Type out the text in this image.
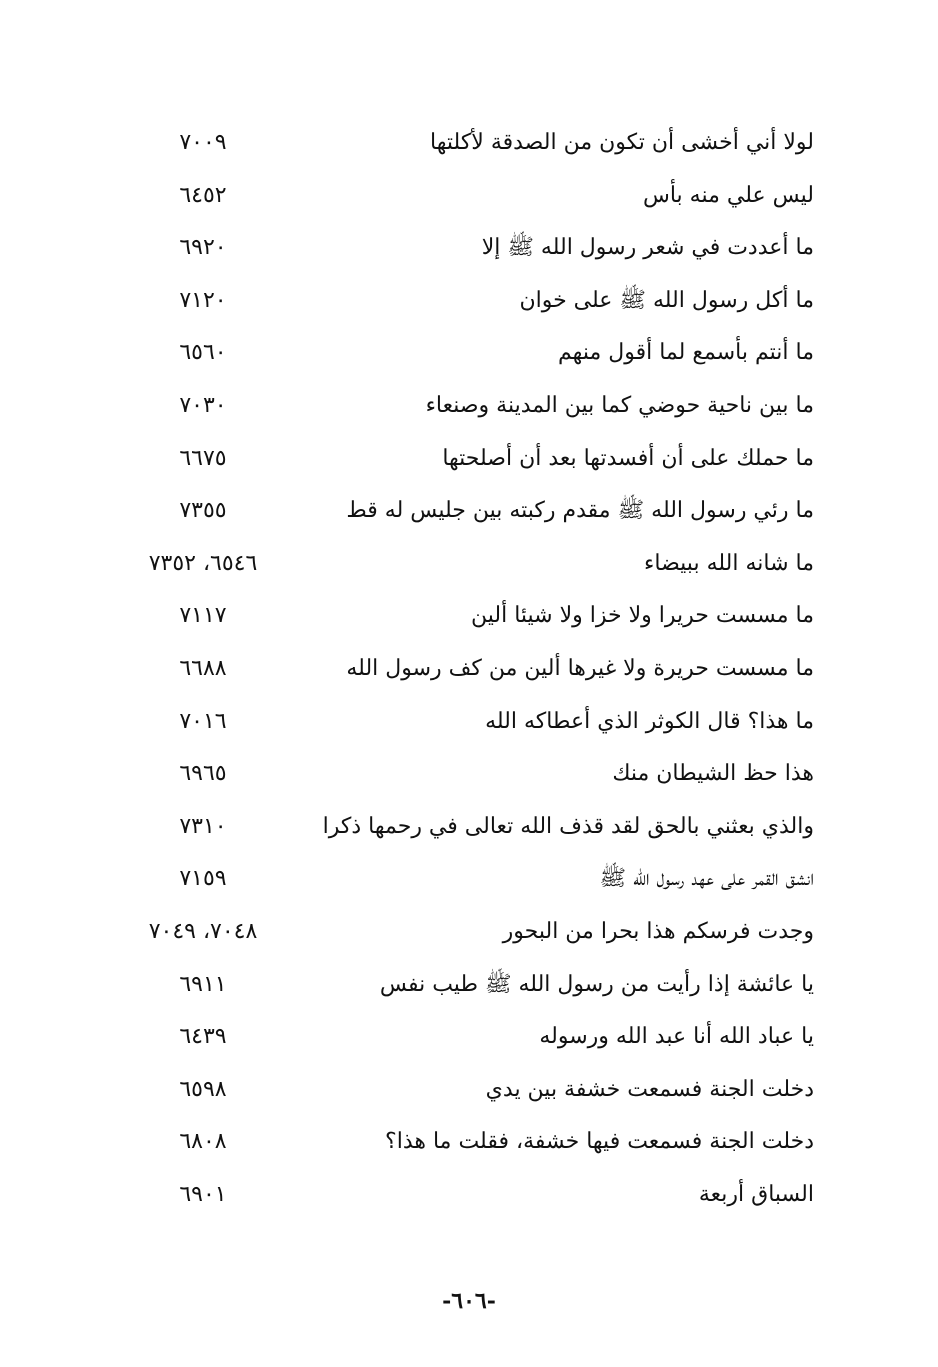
لولا أني أخشى أن تكون من الصدقة لأكلتها
٧٠٠٩
ليس علي منه بأس
٦٤٥٢
ما أعددت في شعر رسول الله ﷺ إلا
٦٩٢٠
ما أكل رسول الله ﷺ على خوان
٧١٢٠
ما أنتم بأسمع لما أقول منهم
٦٥٦٠
ما بين ناحية حوضي كما بين المدينة وصنعاء
٧٠٣٠
ما حملك على أن أفسدتها بعد أن أصلحتها
٦٦٧٥
ما رئي رسول الله ﷺ مقدم ركبته بين جليس له قط
٧٣٥٥
ما شانه الله ببيضاء
٦٥٤٦، ٧٣٥٢
ما مسست حريرا ولا خزا ولا شيئا ألين
٧١١٧
ما مسست حريرة ولا غيرها ألين من كف رسول الله
٦٦٨٨
ما هذا؟ قال الكوثر الذي أعطاكه الله
٧٠١٦
هذا حظ الشيطان منك
٦٩٦٥
والذي بعثني بالحق لقد قذف الله تعالى في رحمها ذكرا
٧٣١٠
انشق القمر على عهد رسول الله ﷺ
٧١٥٩
وجدت فرسكم هذا بحرا من البحور
٧٠٤٨، ٧٠٤٩
يا عائشة إذا رأيت من رسول الله ﷺ طيب نفس
٦٩١١
يا عباد الله أنا عبد الله ورسوله
٦٤٣٩
دخلت الجنة فسمعت خشفة بين يدي
٦٥٩٨
دخلت الجنة فسمعت فيها خشفة، فقلت ما هذا؟
٦٨٠٨
السباق أربعة
٦٩٠١
-٦٠٦-
